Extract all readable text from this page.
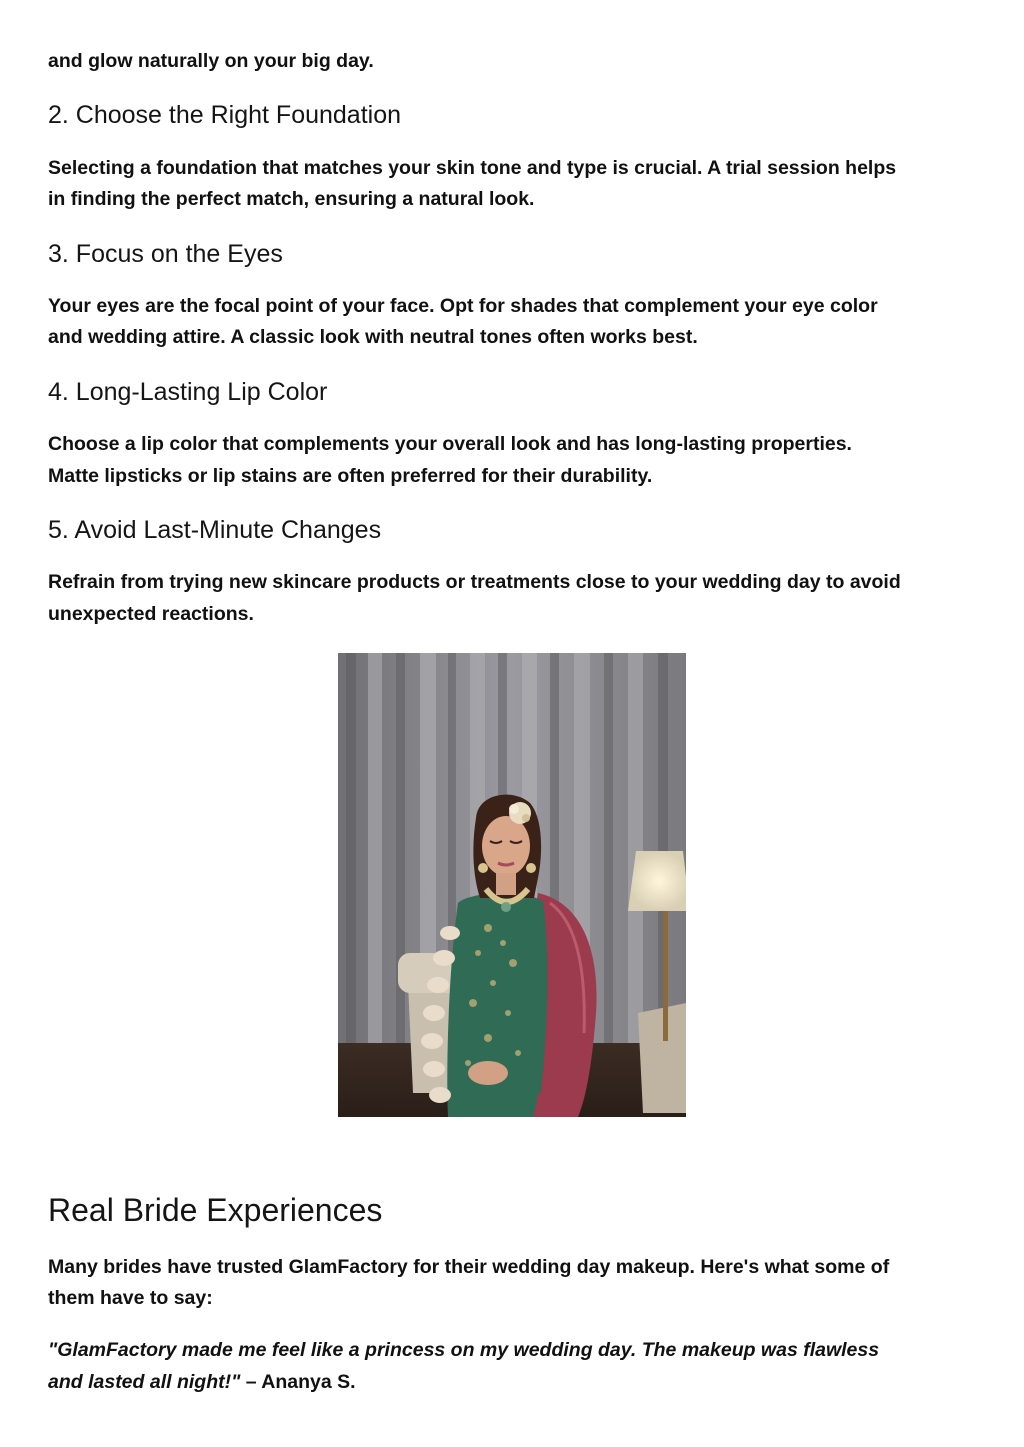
and glow naturally on your big day.

2. Choose the Right Foundation

Selecting a foundation that matches your skin tone and type is crucial. A trial session helps

in finding the perfect match, ensuring a natural look.

3. Focus on the Eyes

Your eyes are the focal point of your face. Opt for shades that complement your eye color

and wedding attire. A classic look with neutral tones often works best.

4. Long-Lasting Lip Color

Choose a lip color that complements your overall look and has long-lasting properties.

Matte lipsticks or lip stains are often preferred for their durability.

5. Avoid Last-Minute Changes

Refrain from trying new skincare products or treatments close to your wedding day to avoid

unexpected reactions.

Real Bride Experiences

Many brides have trusted GlamFactory for their wedding day makeup. Here's what some of

them have to say:

"GlamFactory made me feel like a princess on my wedding day. The makeup was flawless

and lasted all night!" – Ananya S.
